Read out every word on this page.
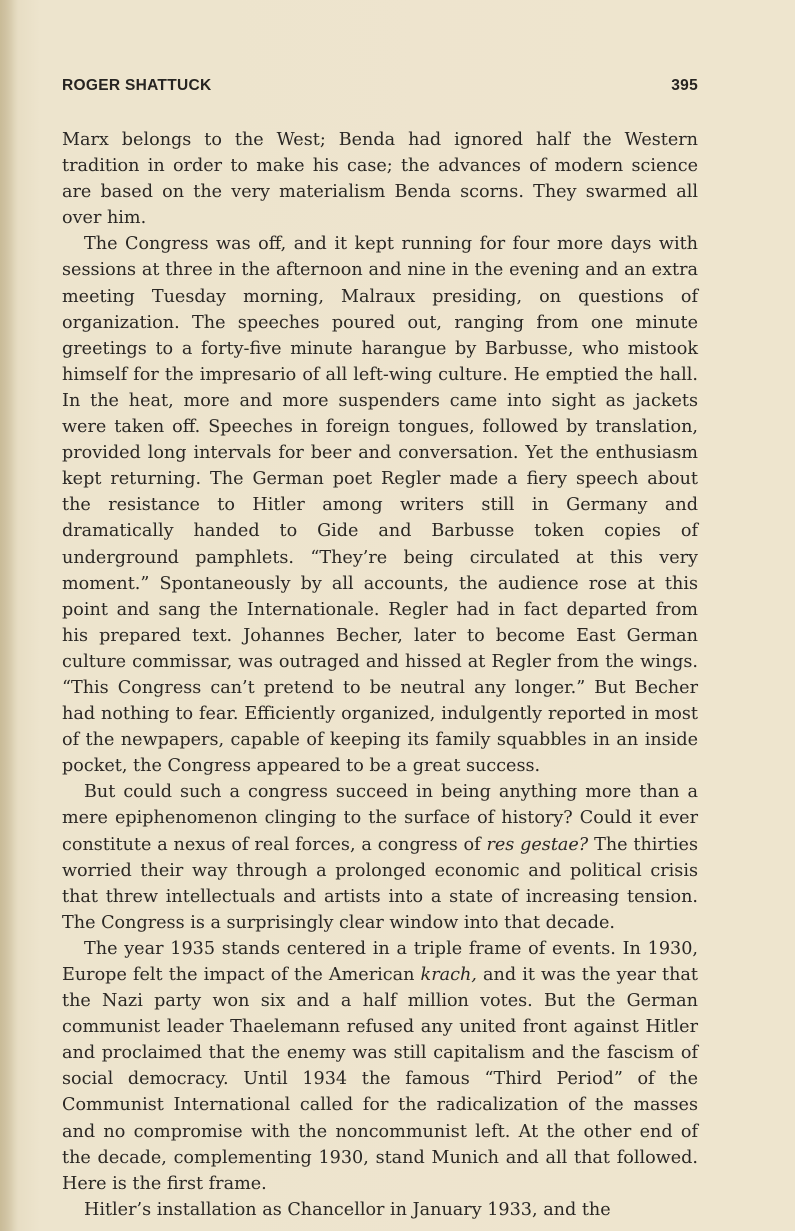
ROGER SHATTUCK	395

Marx belongs to the West; Benda had ignored half the Western tradition in order to make his case; the advances of modern science are based on the very materialism Benda scorns. They swarmed all over him.

The Congress was off, and it kept running for four more days with sessions at three in the afternoon and nine in the evening and an extra meeting Tuesday morning, Malraux presiding, on questions of organization. The speeches poured out, ranging from one minute greetings to a forty-five minute harangue by Barbusse, who mistook himself for the impresario of all left-wing culture. He emptied the hall. In the heat, more and more suspenders came into sight as jackets were taken off. Speeches in foreign tongues, followed by translation, provided long intervals for beer and conversation. Yet the enthusiasm kept returning. The German poet Regler made a fiery speech about the resistance to Hitler among writers still in Germany and dramatically handed to Gide and Barbusse token copies of underground pamphlets. “They’re being circulated at this very moment.” Spontaneously by all accounts, the audience rose at this point and sang the Internationale. Regler had in fact departed from his prepared text. Johannes Becher, later to become East German culture commissar, was outraged and hissed at Regler from the wings. “This Congress can’t pretend to be neutral any longer.” But Becher had nothing to fear. Efficiently organized, indulgently reported in most of the newpapers, capable of keeping its family squabbles in an inside pocket, the Congress appeared to be a great success.

But could such a congress succeed in being anything more than a mere epiphenomenon clinging to the surface of history? Could it ever constitute a nexus of real forces, a congress of res gestae? The thirties worried their way through a prolonged economic and political crisis that threw intellectuals and artists into a state of increasing tension. The Congress is a surprisingly clear window into that decade.

The year 1935 stands centered in a triple frame of events. In 1930, Europe felt the impact of the American krach, and it was the year that the Nazi party won six and a half million votes. But the German communist leader Thaelemann refused any united front against Hitler and proclaimed that the enemy was still capitalism and the fascism of social democracy. Until 1934 the famous “Third Period” of the Communist International called for the radicalization of the masses and no compromise with the noncommunist left. At the other end of the decade, complementing 1930, stand Munich and all that followed. Here is the first frame.

Hitler’s installation as Chancellor in January 1933, and the
